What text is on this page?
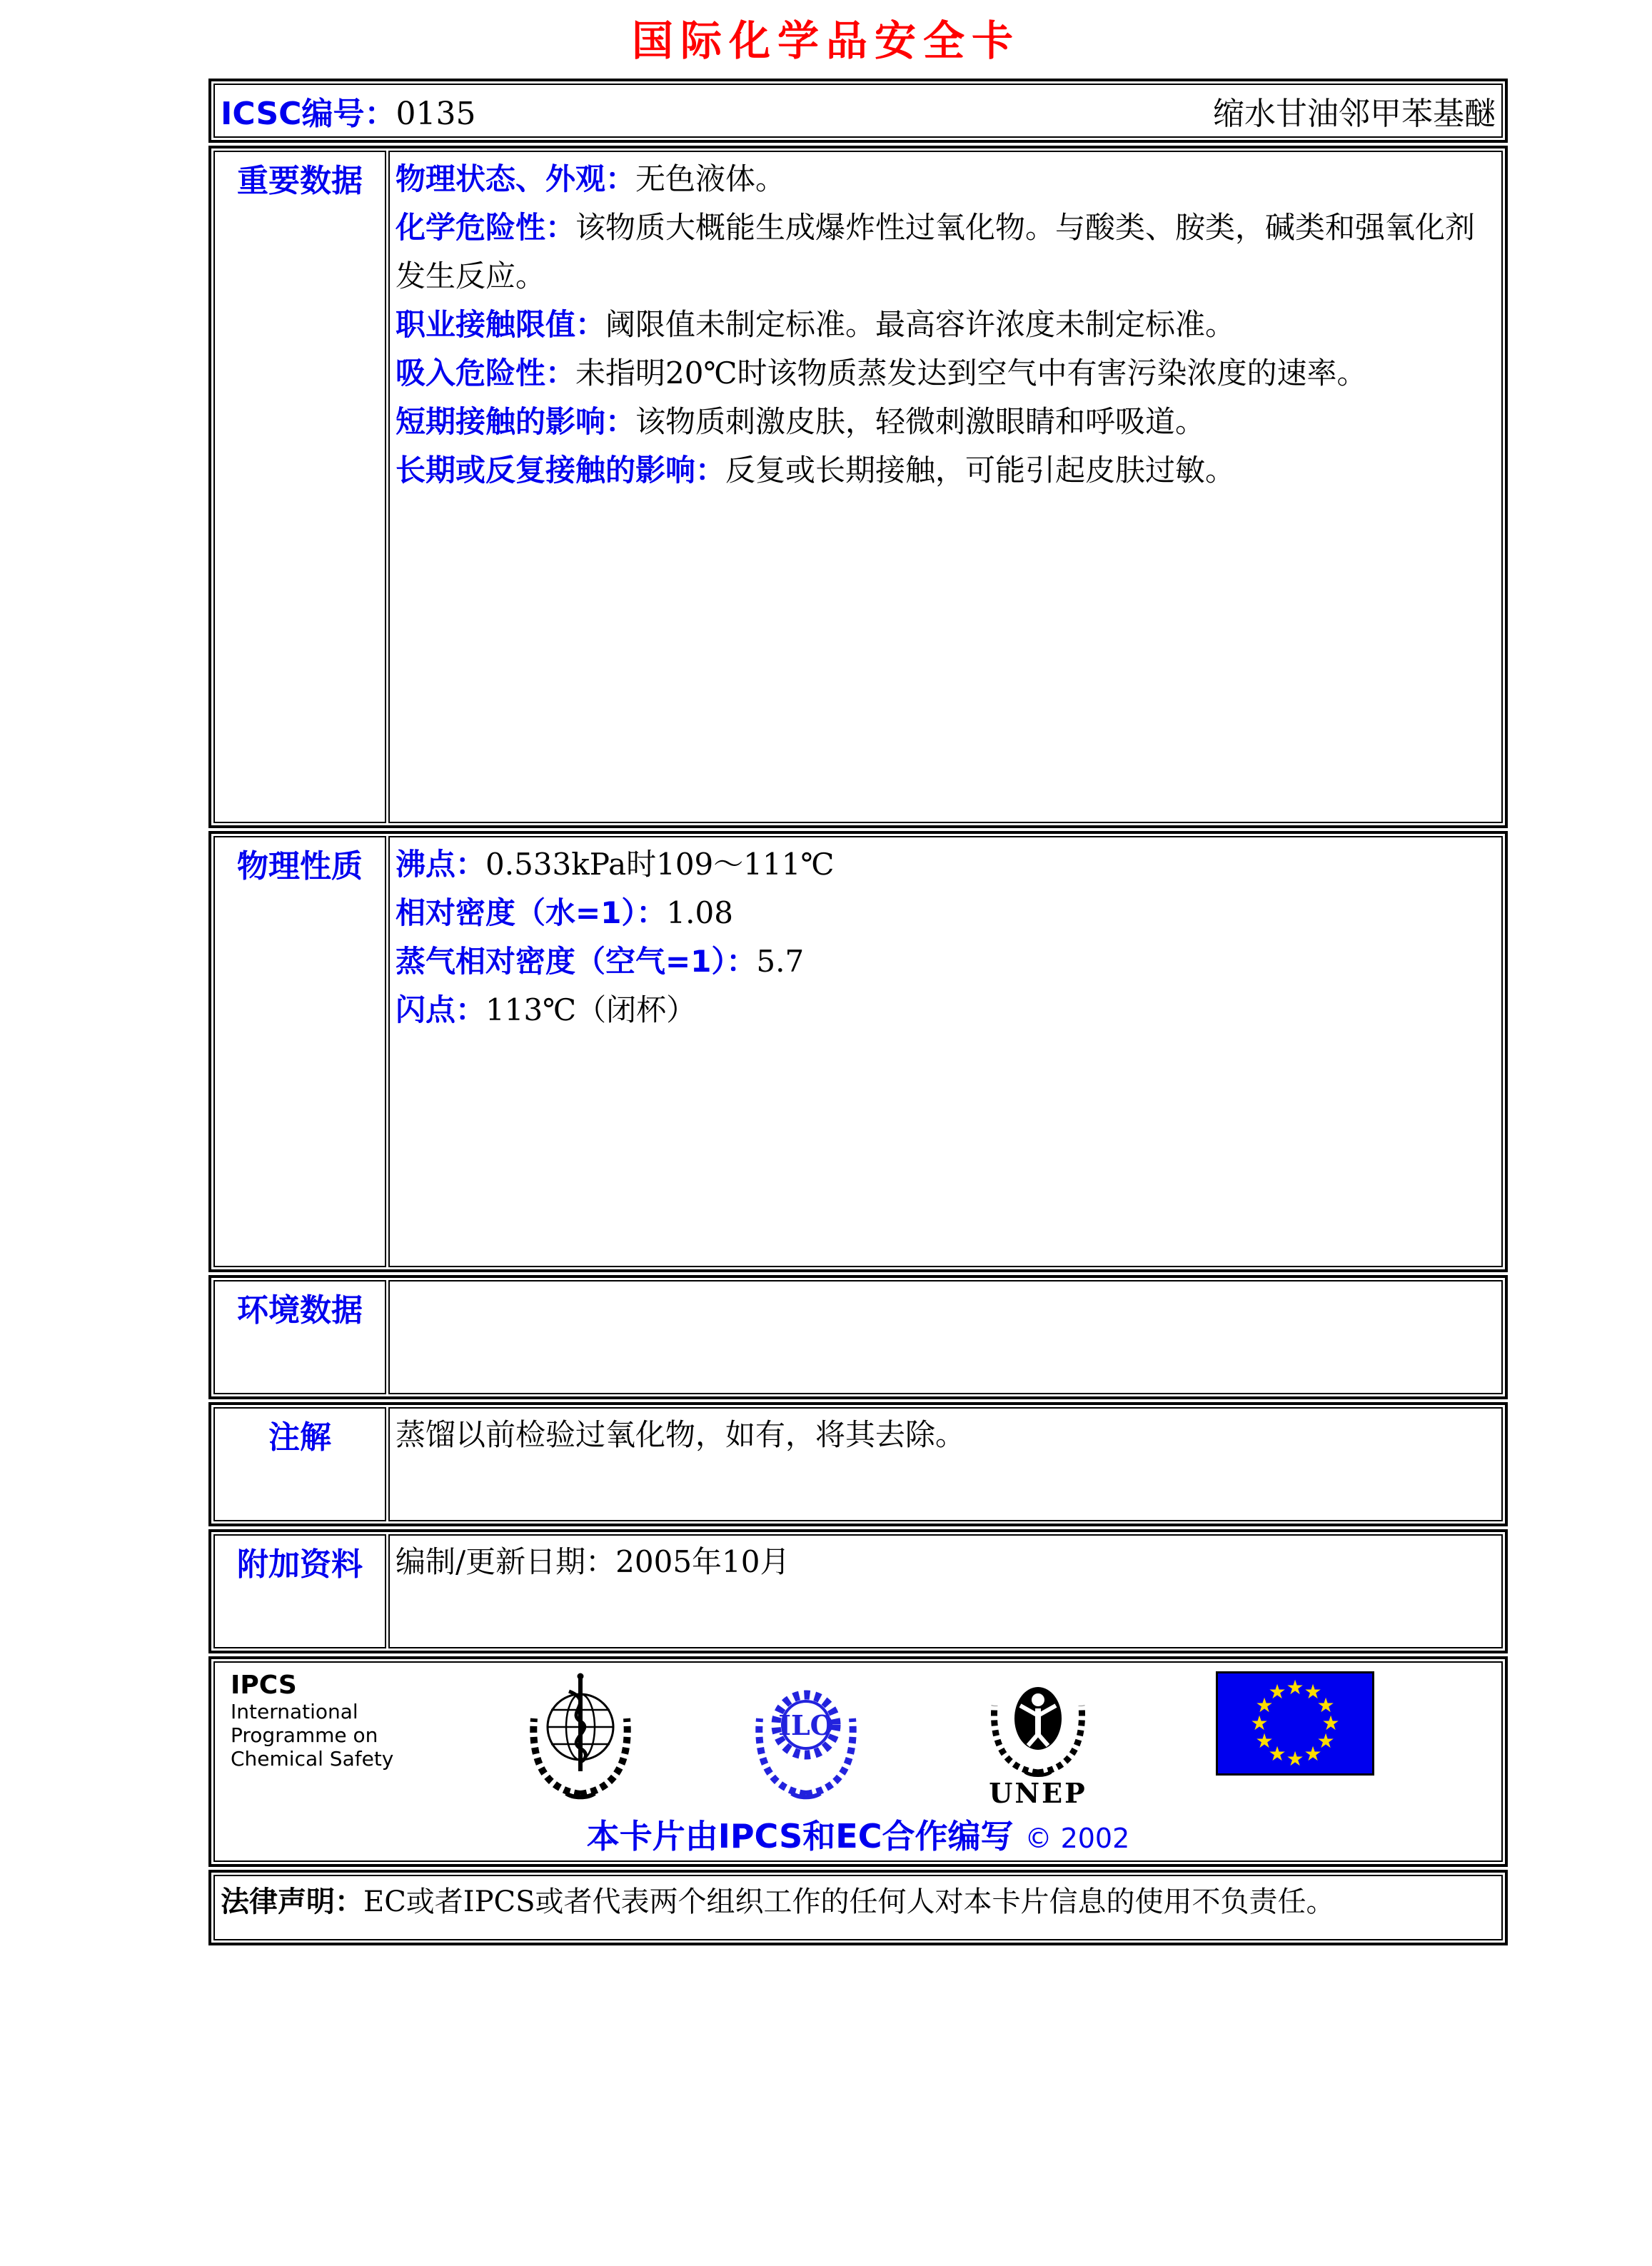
国际化学品安全卡
ICSC编号：0135	缩水甘油邻甲苯基醚
重要数据	物理状态、外观：无色液体。

化学危险性：该物质大概能生成爆炸性过氧化物。与酸类、胺类，碱类和强氧化剂发生反应。

职业接触限值：阈限值未制定标准。最高容许浓度未制定标准。

吸入危险性：未指明20℃时该物质蒸发达到空气中有害污染浓度的速率。

短期接触的影响：该物质刺激皮肤，轻微刺激眼睛和呼吸道。

长期或反复接触的影响：反复或长期接触，可能引起皮肤过敏。

物理性质	沸点：0.533kPa时109～111℃

相对密度（水=1）：1.08

蒸气相对密度（空气=1）：5.7

闪点：113℃（闭杯）

环境数据	
注解	蒸馏以前检验过氧化物，如有，将其去除。
附加资料	编制/更新日期：2005年10月
IPCS
International
Programme on
Chemical Safety
ILO
UNEP
★ ★
★
★
★
★
★
★
★
★
★
★
本卡片由IPCS和EC合作编写 © 2002
法律声明：EC或者IPCS或者代表两个组织工作的任何人对本卡片信息的使用不负责任。
